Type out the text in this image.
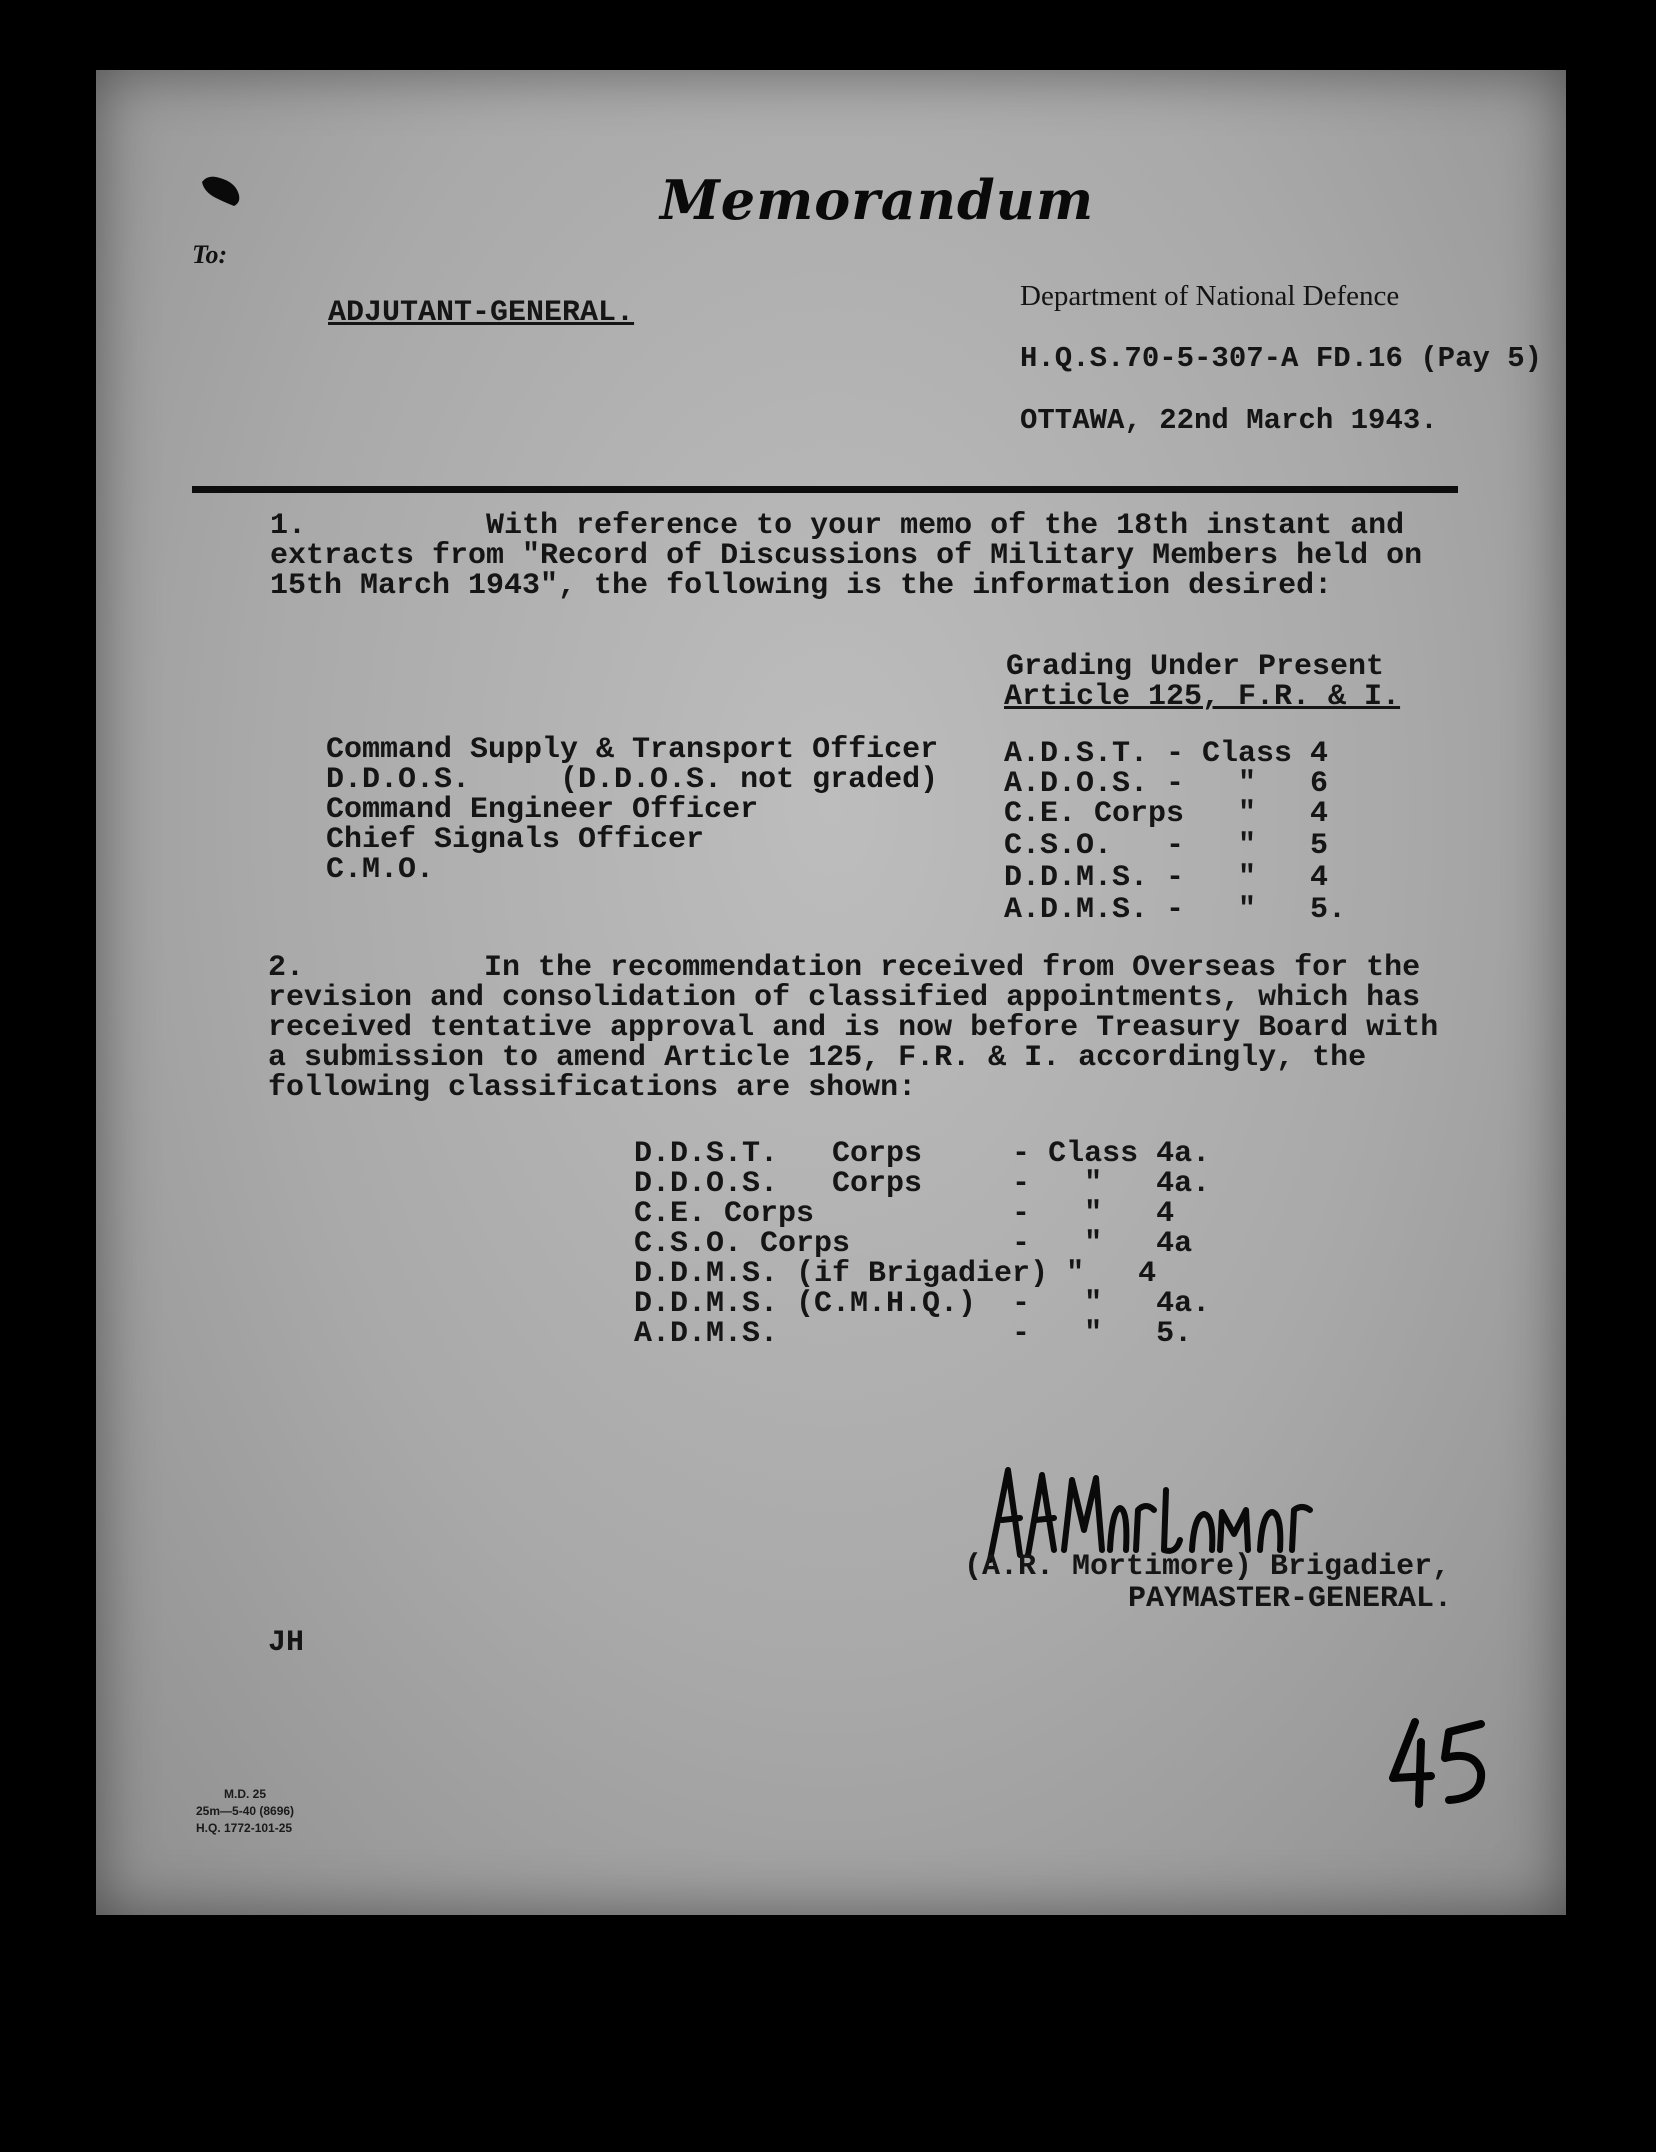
Memorandum
To:
ADJUTANT-GENERAL.	Department of National Defence
H.Q.S.70-5-307-A FD.16 (Pay 5)
OTTAWA, 22nd March 1943.
1.          With reference to your memo of the 18th instant and
extracts from "Record of Discussions of Military Members held on
15th March 1943", the following is the information desired:
Grading Under Present
Article 125, F.R. & I.
Command Supply & Transport Officer A.D.S.T. - Class 4
D.D.O.S.     (D.D.O.S. not graded) A.D.O.S. -   "   6
Command Engineer Officer	C.E. Corps   "   4
Chief Signals Officer	C.S.O.   -   "   5
C.M.O.	D.D.M.S. -   "   4
A.D.M.S. -   "   5.
2.          In the recommendation received from Overseas for the
revision and consolidation of classified appointments, which has
received tentative approval and is now before Treasury Board with
a submission to amend Article 125, F.R. & I. accordingly, the
following classifications are shown:
D.D.S.T.   Corps     - Class 4a.
D.D.O.S.   Corps     -   "   4a.
C.E. Corps           -   "   4
C.S.O. Corps         -   "   4a
D.D.M.S. (if Brigadier) "   4
D.D.M.S. (C.M.H.Q.)  -   "   4a.
A.D.M.S.             -   "   5.
(A.R. Mortimore) Brigadier,
PAYMASTER-GENERAL.
JH
M.D. 25
25m—5-40 (8696)
H.Q. 1772-101-25
45
